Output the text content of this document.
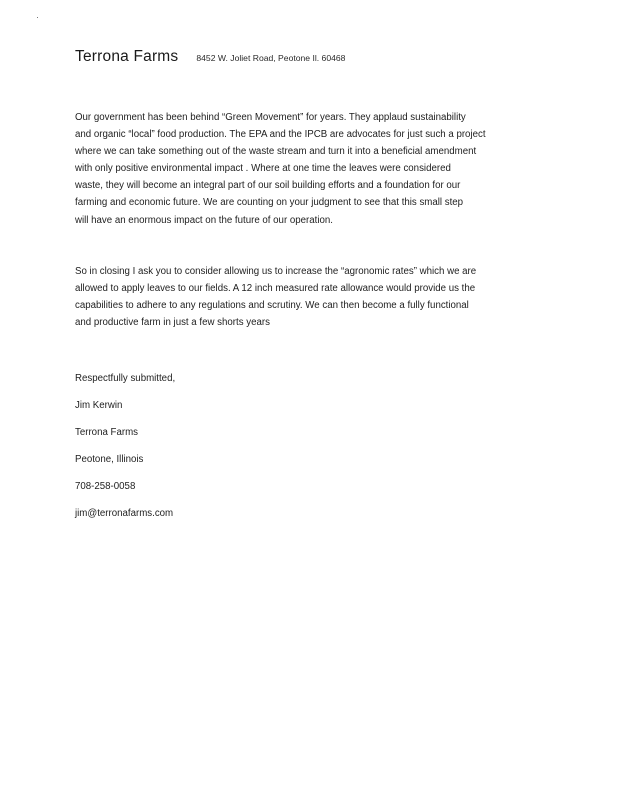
Terrona Farms 8452 W. Joliet Road, Peotone Il. 60468

Our government has been behind “Green Movement” for years. They applaud sustainability
and organic “local” food production. The EPA and the IPCB are advocates for just such a project
where we can take something out of the waste stream and turn it into a beneficial amendment
with only positive environmental impact . Where at one time the leaves were considered
waste, they will become an integral part of our soil building efforts and a foundation for our
farming and economic future. We are counting on your judgment to see that this small step
will have an enormous impact on the future of our operation.

So in closing I ask you to consider allowing us to increase the “agronomic rates” which we are
allowed to apply leaves to our fields. A 12 inch measured rate allowance would provide us the
capabilities to adhere to any regulations and scrutiny. We can then become a fully functional
and productive farm in just a few shorts years

Respectfully submitted,
Jim Kerwin
Terrona Farms
Peotone, Illinois
708-258-0058
jim@terronafarms.com
